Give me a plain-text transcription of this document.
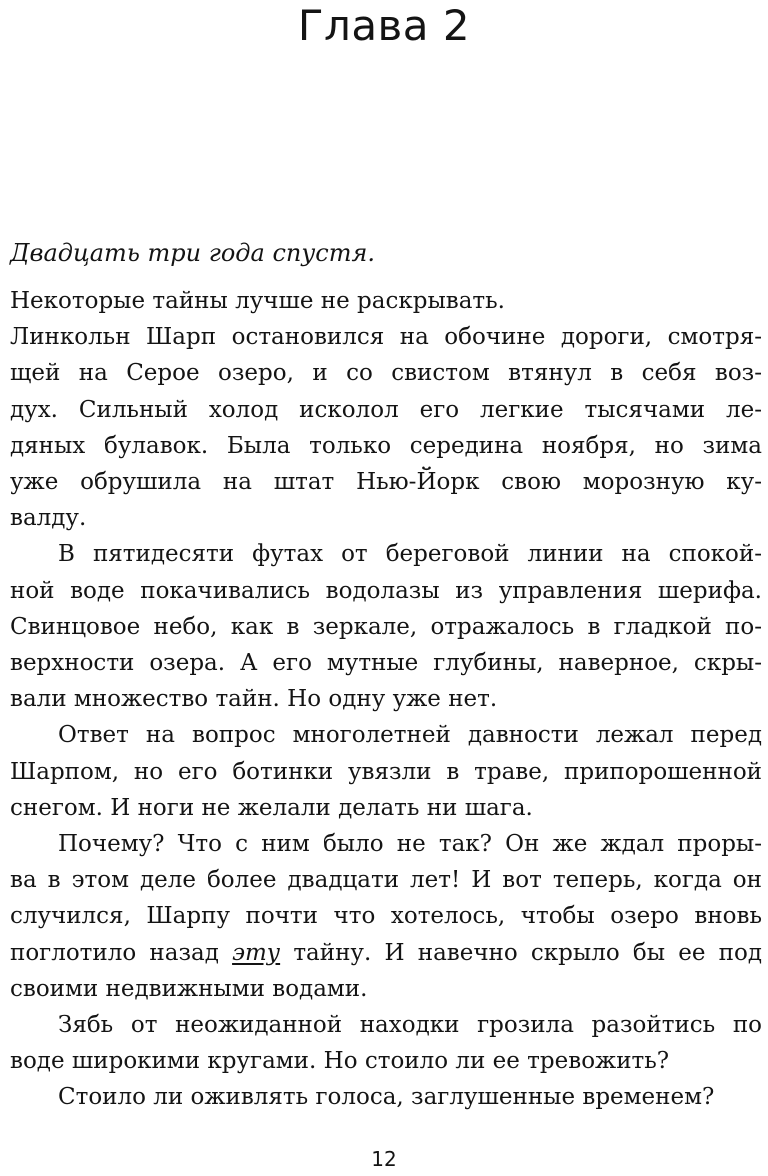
Глава 2

Двадцать три года спустя.

Некоторые тайны лучше не раскрывать.
Линкольн Шарп остановился на обочине дороги, смотря-
щей на Серое озеро, и со свистом втянул в себя воз-
дух. Сильный холод исколол его легкие тысячами ле-
дяных булавок. Была только середина ноября, но зима
уже обрушила на штат Нью-Йорк свою морозную ку-
валду.
В пятидесяти футах от береговой линии на спокой-
ной воде покачивались водолазы из управления шерифа.
Свинцовое небо, как в зеркале, отражалось в гладкой по-
верхности озера. А его мутные глубины, наверное, скры-
вали множество тайн. Но одну уже нет.
Ответ на вопрос многолетней давности лежал перед
Шарпом, но его ботинки увязли в траве, припорошенной
снегом. И ноги не желали делать ни шага.
Почему? Что с ним было не так? Он же ждал проры-
ва в этом деле более двадцати лет! И вот теперь, когда он
случился, Шарпу почти что хотелось, чтобы озеро вновь
поглотило назад эту тайну. И навечно скрыло бы ее под
своими недвижными водами.
Зябь от неожиданной находки грозила разойтись по
воде широкими кругами. Но стоило ли ее тревожить?
Стоило ли оживлять голоса, заглушенные временем?
12
